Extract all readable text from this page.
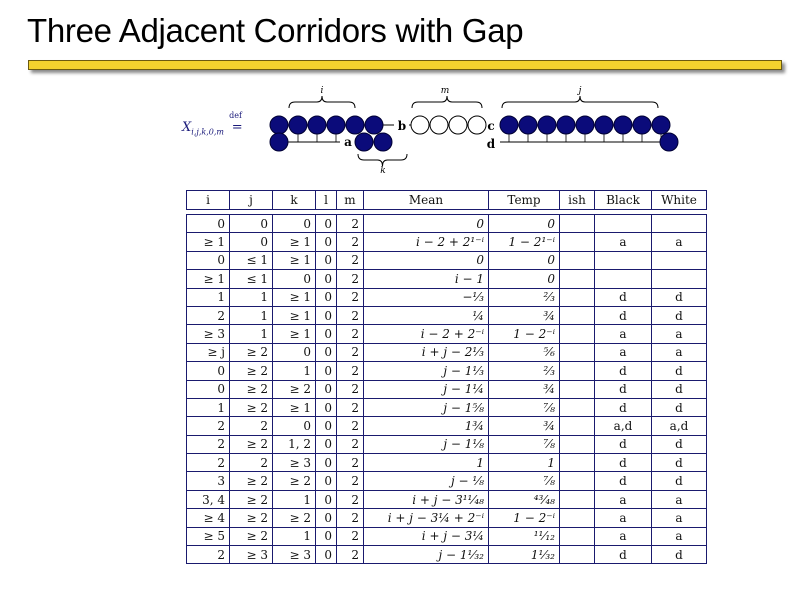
Three Adjacent Corridors with Gap
$X_{i,j,k,0,m}$
def
=
i	m	j
k
a
b	c
d
i	j	k	l	m	Mean	Temp	ish	Black	White

0	0	0	0	2	0	0			
≥ 1	0	≥ 1	0	2	i − 2 + 2¹⁻ⁱ	1 − 2¹⁻ⁱ		a	a
0	≤ 1	≥ 1	0	2	0	0			
≥ 1	≤ 1	0	0	2	i − 1	0			
1	1	≥ 1	0	2	−⅓	⅔		d	d
2	1	≥ 1	0	2	¼	¾		d	d
≥ 3	1	≥ 1	0	2	i − 2 + 2⁻ⁱ	1 − 2⁻ⁱ		a	a
≥ j	≥ 2	0	0	2	i + j − 2⅓	⅚		a	a
0	≥ 2	1	0	2	j − 1⅓	⅔		d	d
0	≥ 2	≥ 2	0	2	j − 1¼	¾		d	d
1	≥ 2	≥ 1	0	2	j − 1⅝	⅞		d	d
2	2	0	0	2	1¾	¾		a,d	a,d
2	≥ 2	1, 2	0	2	j − 1⅛	⅞		d	d
2	2	≥ 3	0	2	1	1		d	d
3	≥ 2	≥ 2	0	2	j − ⅛	⅞		d	d
3, 4	≥ 2	1	0	2	i + j − 3¹¹⁄₄₈	⁴³⁄₄₈		a	a
≥ 4	≥ 2	≥ 2	0	2	i + j − 3¼ + 2⁻ⁱ	1 − 2⁻ⁱ		a	a
≥ 5	≥ 2	1	0	2	i + j − 3¼	¹¹⁄₁₂		a	a
2	≥ 3	≥ 3	0	2	j − 1¹⁄₃₂	1¹⁄₃₂		d	d
